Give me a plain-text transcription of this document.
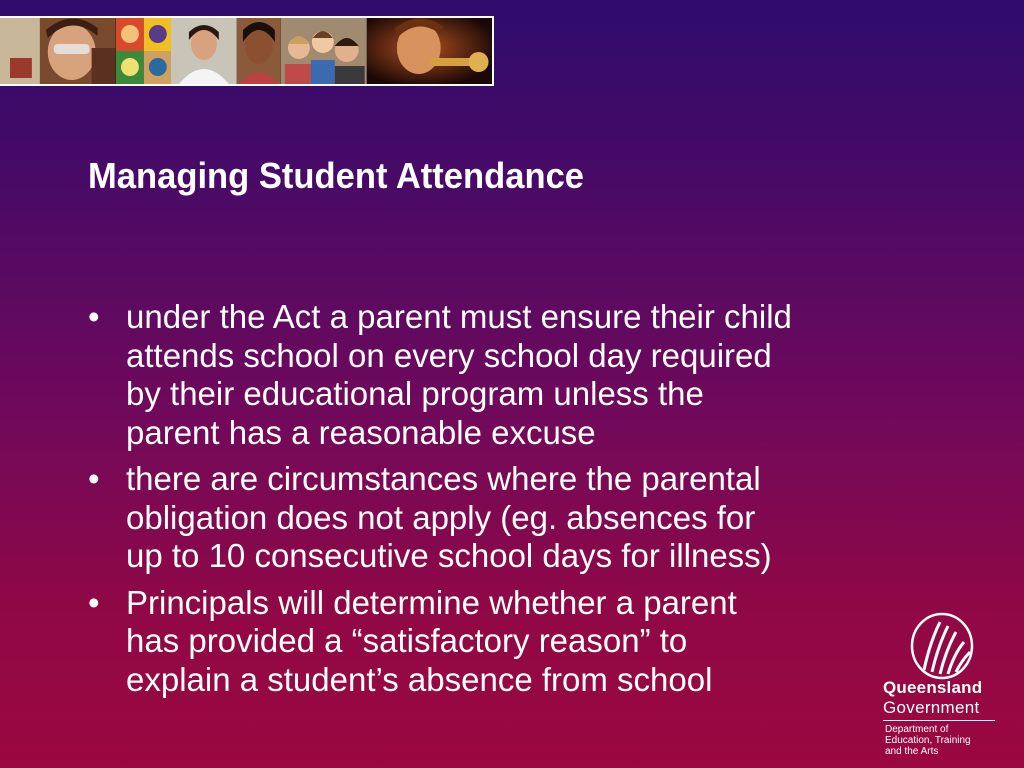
Managing Student Attendance
• under the Act a parent must ensure their child
attends school on every school day required
by their educational program unless the
parent has a reasonable excuse
• there are circumstances where the parental
obligation does not apply (eg. absences for
up to 10 consecutive school days for illness)
• Principals will determine whether a parent
has provided a “satisfactory reason” to
explain a student’s absence from school	Queensland
Government
Department of
Education, Training
and the Arts
